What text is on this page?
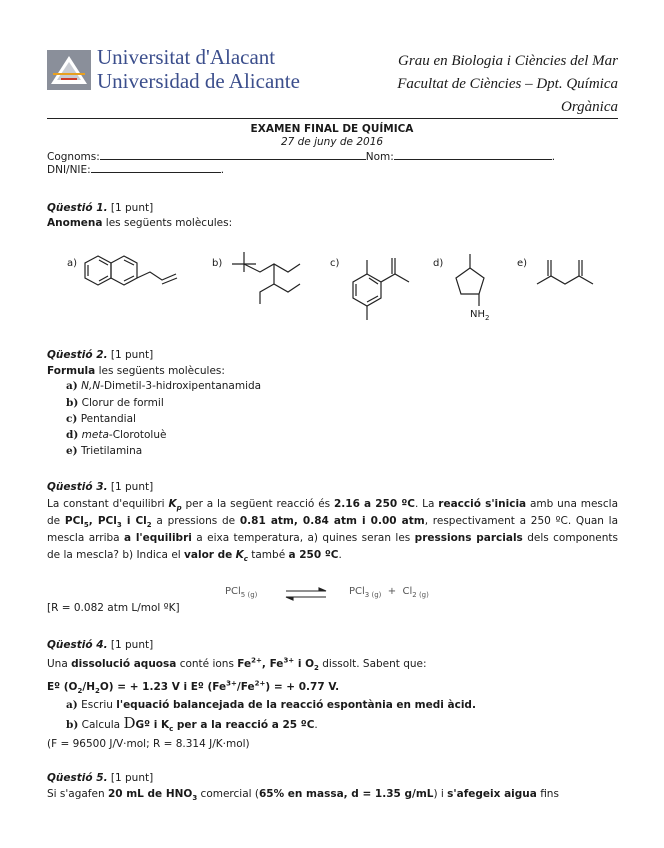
Universitat d'Alacant
Universidad de Alicante
Grau en Biologia i Ciències del Mar
Facultat de Ciències – Dpt. Química
Orgànica
EXAMEN FINAL DE QUÍMICA
27 de juny de 2016
Cognoms:	Nom:	.
DNI/NIE:	.
Qüestió 1. [1 punt]
Anomena les següents molècules:
a)	b)	c)	d)	e)
$NH_2$
Qüestió 2. [1 punt]
Formula les següents molècules:
a) N,N-Dimetil-3-hidroxipentanamida
b) Clorur de formil
c) Pentandial
d) meta-Clorotoluè
e) Trietilamina
Qüestió 3. [1 punt]
La constant d'equilibri $K_p$ per a la següent reacció és 2.16 a 250 ºC. La reacció s'inicia amb una mescla de PCl$_5$, PCl$_3$ i $Cl_2$ a pressions de 0.81 atm, 0.84 atm i 0.00 atm, respectivament a 250 ºC. Quan la mescla arriba a l'equilibri a eixa temperatura, a) quines seran les pressions parcials dels components de la mescla? b) Indica el valor de $K_c$ també a 250 ºC.
PCl$_{5 (g)}$	$PCl_{3 (g)} + Cl_{2 (g)}$
[R = 0.082 atm L/mol ºK]
Qüestió 4. [1 punt]
Una dissolució aquosa conté ions $Fe^{2+}$, $Fe^{3+}$ i $O_2$ dissolt. Sabent que:
Eº $(O_2/H_2O)$ = + 1.23 V i Eº $(Fe^{3+}/Fe^{2+})$ = + 0.77 V.
a) Escriu l'equació balancejada de la reacció espontània en medi àcid.
b) Calcula DGº i $K_c$ per a la reacció a 25 ºC.
(F = 96500 J/V·mol; R = 8.314 J/K·mol)
Qüestió 5. [1 punt]
Si s'agafen 20 mL de $HNO_3$ comercial (65% en massa, d = 1.35 g/mL) i s'afegeix aigua fins
